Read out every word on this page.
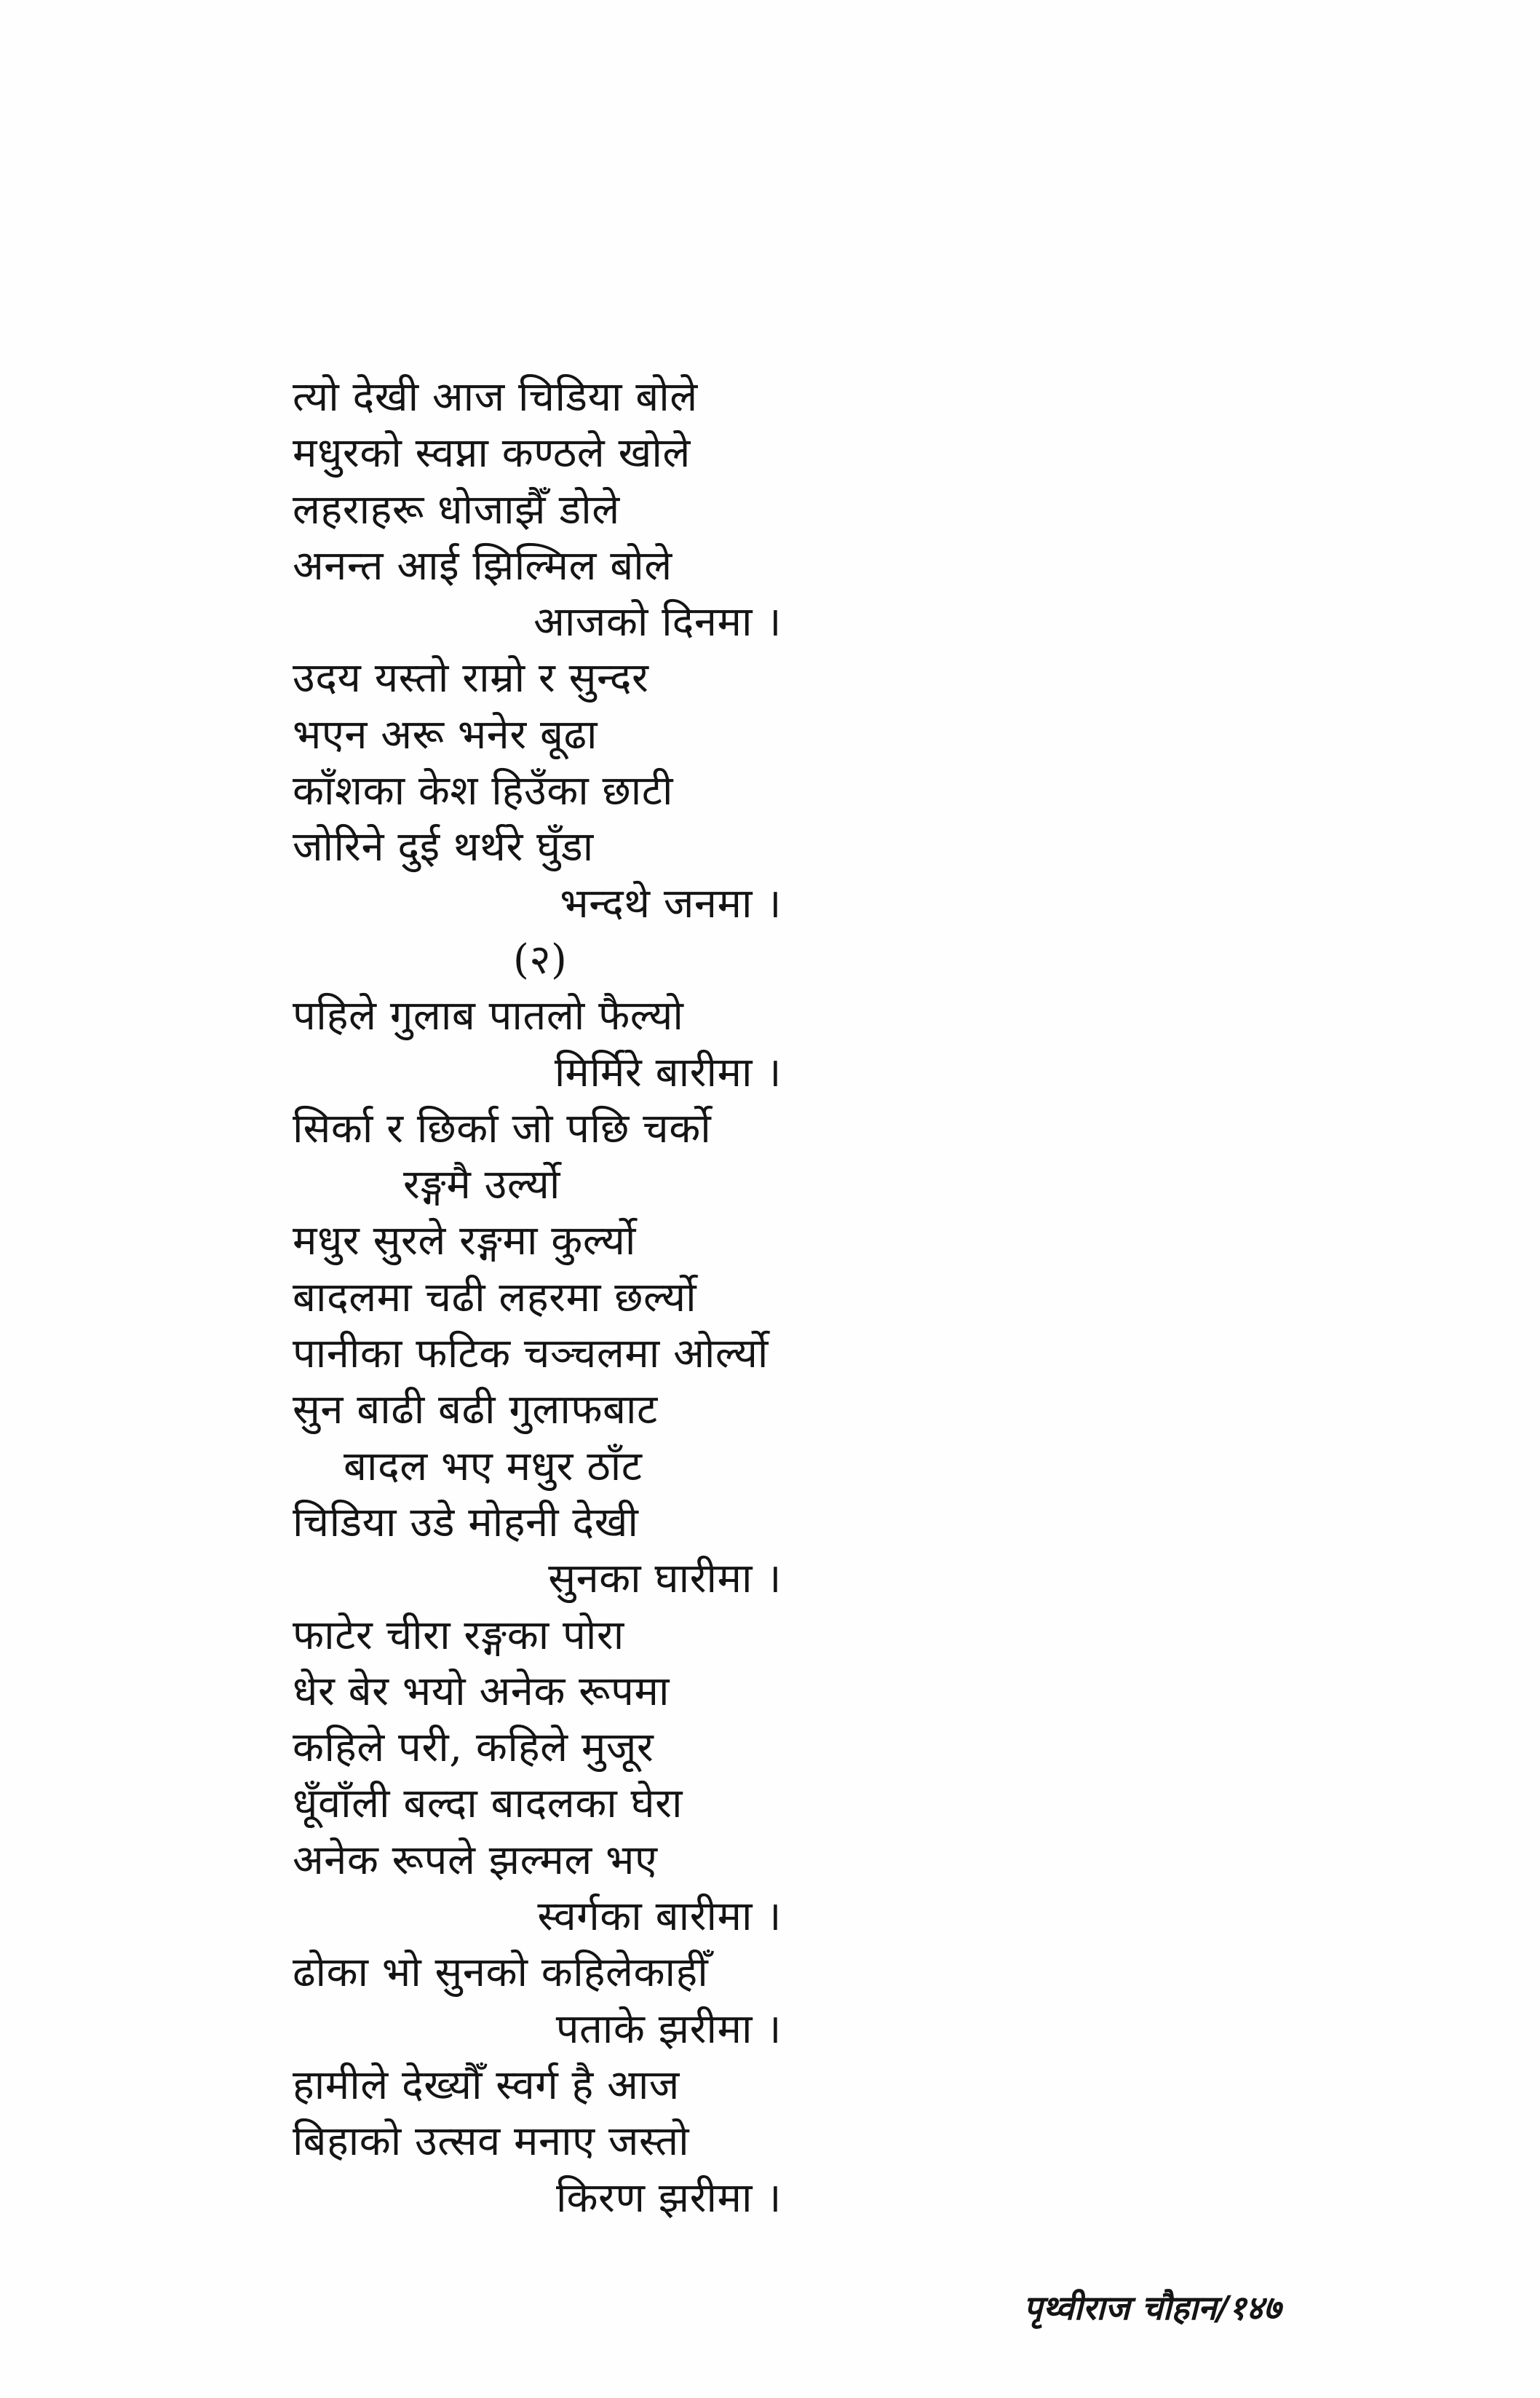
त्यो देखी आज चिडिया बोले
मधुरको स्वप्ना कण्ठले खोले
लहराहरू धोजाझैँ डोले
अनन्त आई झिल्मिल बोले
आजको दिनमा ।
उदय यस्तो राम्रो र सुन्दर
भएन अरू भनेर बूढा
काँशका केश हिउँका छाटी
जोरिने दुई थर्थरे घुँडा
भन्दथे जनमा ।
(२)
पहिले गुलाब पातलो फैल्यो
मिर्मिरे बारीमा ।
सिर्का र छिर्का जो पछि चर्को
रङ्गमै उर्ल्यो
मधुर सुरले रङ्गमा कुर्ल्यो
बादलमा चढी लहरमा छर्ल्यो
पानीका फटिक चञ्चलमा ओर्ल्यो
सुन बाढी बढी गुलाफबाट
बादल भए मधुर ठाँट
चिडिया उडे मोहनी देखी
सुनका घारीमा ।
फाटेर चीरा रङ्गका पोरा
धेर बेर भयो अनेक रूपमा
कहिले परी, कहिले मुजूर
धूँवाँली बल्दा बादलका घेरा
अनेक रूपले झल्मल भए
स्वर्गका बारीमा ।
ढोका भो सुनको कहिलेकाहीँ
पताके झरीमा ।
हामीले देख्यौँ स्वर्ग है आज
बिहाको उत्सव मनाए जस्तो
किरण झरीमा ।
पृथ्वीराज चौहान/१४७
